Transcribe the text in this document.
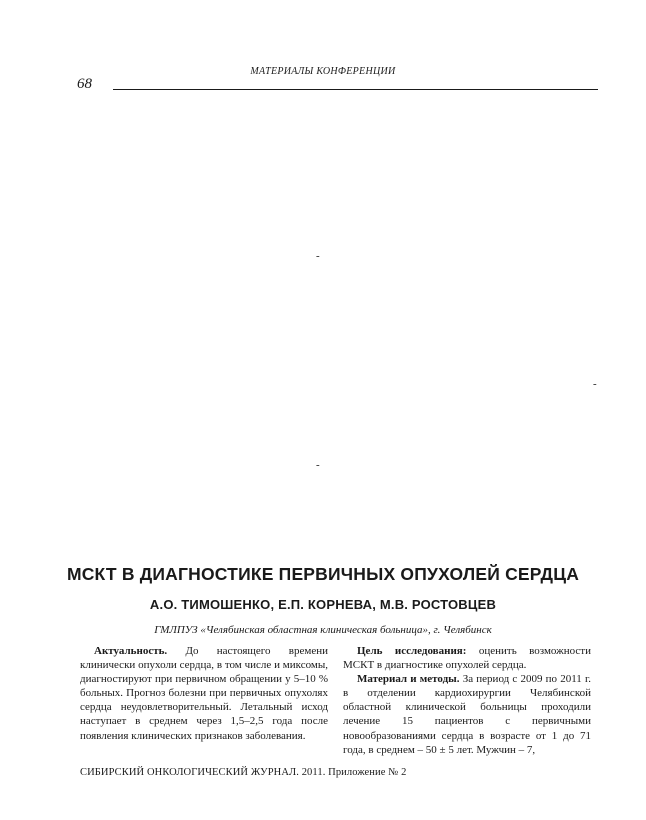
МАТЕРИАЛЫ КОНФЕРЕНЦИИ
68
-
-
-
МСКТ В ДИАГНОСТИКЕ ПЕРВИЧНЫХ ОПУХОЛЕЙ СЕРДЦА
А.О. ТИМОШЕНКО, Е.П. КОРНЕВА, М.В. РОСТОВЦЕВ
ГМЛПУЗ «Челябинская областная клиническая больница», г. Челябинск

Актуальность. До настоящего времени клинически опухоли сердца, в том числе и миксомы, диагностируют при первичном обращении у 5–10 % больных. Прогноз болезни при первичных опухолях сердца неудовлетворительный. Летальный исход наступает в среднем через 1,5–2,5 года после появления клинических признаков заболевания.

Цель исследования: оценить возможности МСКТ в диагностике опухолей сердца.

Материал и методы. За период с 2009 по 2011 г. в отделении кардиохирургии Челябинской областной клинической больницы проходили лечение 15 пациентов с первичными новообразованиями сердца в возрасте от 1 до 71 года, в среднем – 50 ± 5 лет. Мужчин – 7,

СИБИРСКИЙ ОНКОЛОГИЧЕСКИЙ ЖУРНАЛ. 2011. Приложение № 2
